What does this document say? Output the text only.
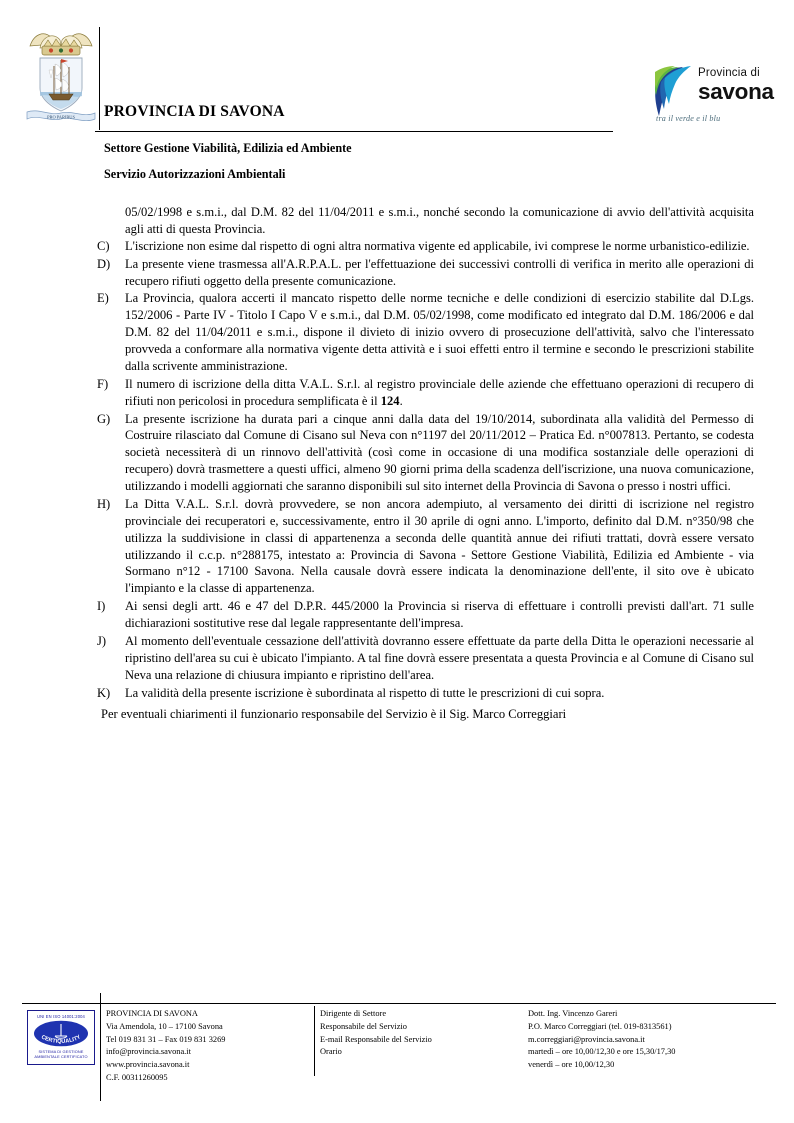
PRO PARIBUS PROVINCIA DI SAVONA
Settore Gestione Viabilità, Edilizia ed Ambiente
Servizio Autorizzazioni Ambientali
Provincia di
savona
tra il verde e il blu
05/02/1998 e s.m.i., dal D.M. 82 del 11/04/2011 e s.m.i., nonché secondo la comunicazione di avvio dell'attività acquisita agli atti di questa Provincia.
C)	L'iscrizione non esime dal rispetto di ogni altra normativa vigente ed applicabile, ivi comprese le norme urbanistico-edilizie.
D)	La presente viene trasmessa all'A.R.P.A.L. per l'effettuazione dei successivi controlli di verifica in merito alle operazioni di recupero rifiuti oggetto della presente comunicazione.
E)	La Provincia, qualora accerti il mancato rispetto delle norme tecniche e delle condizioni di esercizio stabilite dal D.Lgs. 152/2006 - Parte IV - Titolo I Capo V e s.m.i., dal D.M. 05/02/1998, come modificato ed integrato dal D.M. 186/2006 e dal D.M. 82 del 11/04/2011 e s.m.i., dispone il divieto di inizio ovvero di prosecuzione dell'attività, salvo che l'interessato provveda a conformare alla normativa vigente detta attività e i suoi effetti entro il termine e secondo le prescrizioni stabilite dalla scrivente amministrazione.
F)	Il numero di iscrizione della ditta V.A.L. S.r.l. al registro provinciale delle aziende che effettuano operazioni di recupero di rifiuti non pericolosi in procedura semplificata è il 124.
G)	La presente iscrizione ha durata pari a cinque anni dalla data del 19/10/2014, subordinata alla validità del Permesso di Costruire rilasciato dal Comune di Cisano sul Neva con n°1197 del 20/11/2012 – Pratica Ed. n°007813. Pertanto, se codesta società necessiterà di un rinnovo dell'attività (così come in occasione di una modifica sostanziale delle operazioni di recupero) dovrà trasmettere a questi uffici, almeno 90 giorni prima della scadenza dell'iscrizione, una nuova comunicazione, utilizzando i modelli aggiornati che saranno disponibili sul sito internet della Provincia di Savona o presso i nostri uffici.
H)	La Ditta V.A.L. S.r.l. dovrà provvedere, se non ancora adempiuto, al versamento dei diritti di iscrizione nel registro provinciale dei recuperatori e, successivamente, entro il 30 aprile di ogni anno. L'importo, definito dal D.M. n°350/98 che utilizza la suddivisione in classi di appartenenza a seconda delle quantità annue dei rifiuti trattati, dovrà essere versato utilizzando il c.c.p. n°288175, intestato a: Provincia di Savona - Settore Gestione Viabilità, Edilizia ed Ambiente - via Sormano n°12 - 17100 Savona. Nella causale dovrà essere indicata la denominazione dell'ente, il sito ove è ubicato l'impianto e la classe di appartenenza.
I)	Ai sensi degli artt. 46 e 47 del D.P.R. 445/2000 la Provincia si riserva di effettuare i controlli previsti dall'art. 71 sulle dichiarazioni sostitutive rese dal legale rappresentante dell'impresa.
J)	Al momento dell'eventuale cessazione dell'attività dovranno essere effettuate da parte della Ditta le operazioni necessarie al ripristino dell'area su cui è ubicato l'impianto. A tal fine dovrà essere presentata a questa Provincia e al Comune di Cisano sul Neva una relazione di chiusura impianto e ripristino dell'area.
K)	La validità della presente iscrizione è subordinata al rispetto di tutte le prescrizioni di cui sopra.
Per eventuali chiarimenti il funzionario responsabile del Servizio è il Sig. Marco Correggiari
UNI EN ISO 14001:2004
CERTIQUALITY
SISTEMA DI GESTIONE
AMBIENTALE CERTIFICATO
PROVINCIA DI SAVONA
Via Amendola, 10 – 17100 Savona
Tel 019 831 31 – Fax 019 831 3269
info@provincia.savona.it
www.provincia.savona.it
C.F. 00311260095
Dirigente di Settore
Responsabile del Servizio
E-mail Responsabile del Servizio
Orario
Dott. Ing. Vincenzo Gareri
P.O. Marco Correggiari (tel. 019-8313561)
m.correggiari@provincia.savona.it
martedì – ore 10,00/12,30 e ore 15,30/17,30
venerdì – ore 10,00/12,30
